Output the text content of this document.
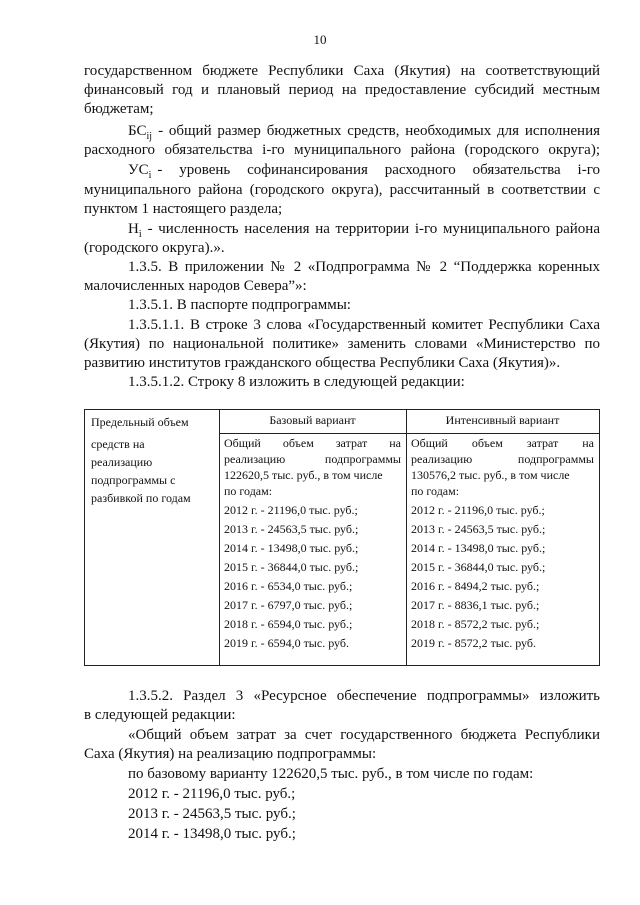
10
государственном бюджете Республики Саха (Якутия) на соответствующий
финансовый год и плановый период на предоставление субсидий местным
бюджетам;
$БС_{ij}$ - общий размер бюджетных средств, необходимых для исполнения
расходного обязательства i-го муниципального района (городского округа);
$УС_i$ - уровень софинансирования расходного обязательства i-го
муниципального района (городского округа), рассчитанный в соответствии с
пунктом 1 настоящего раздела;
$Н_i$ - численность населения на территории i-го муниципального района
(городского округа).».
1.3.5. В приложении № 2 «Подпрограмма № 2 “Поддержка коренных
малочисленных народов Севера”»:
1.3.5.1. В паспорте подпрограммы:
1.3.5.1.1. В строке 3 слова «Государственный комитет Республики Саха
(Якутия) по национальной политике» заменить словами «Министерство по
развитию институтов гражданского общества Республики Саха (Якутия)».
1.3.5.1.2. Строку 8 изложить в следующей редакции:
Предельный объем
средств на
реализацию
подпрограммы с
разбивкой по годам
Базовый вариант	Интенсивный вариант
Общий объем затрат на
реализацию подпрограммы
122620,5 тыс. руб., в том числе
по годам:
2012 г. - 21196,0 тыс. руб.;
2013 г. - 24563,5 тыс. руб.;
2014 г. - 13498,0 тыс. руб.;
2015 г. - 36844,0 тыс. руб.;
2016 г. - 6534,0 тыс. руб.;
2017 г. - 6797,0 тыс. руб.;
2018 г. - 6594,0 тыс. руб.;
2019 г. - 6594,0 тыс. руб.
Общий объем затрат на
реализацию подпрограммы
130576,2 тыс. руб., в том числе
по годам:
2012 г. - 21196,0 тыс. руб.;
2013 г. - 24563,5 тыс. руб.;
2014 г. - 13498,0 тыс. руб.;
2015 г. - 36844,0 тыс. руб.;
2016 г. - 8494,2 тыс. руб.;
2017 г. - 8836,1 тыс. руб.;
2018 г. - 8572,2 тыс. руб.;
2019 г. - 8572,2 тыс. руб.
1.3.5.2. Раздел 3 «Ресурсное обеспечение подпрограммы» изложить
в следующей редакции:
«Общий объем затрат за счет государственного бюджета Республики
Саха (Якутия) на реализацию подпрограммы:
по базовому варианту 122620,5 тыс. руб., в том числе по годам:
2012 г. - 21196,0 тыс. руб.;
2013 г. - 24563,5 тыс. руб.;
2014 г. - 13498,0 тыс. руб.;
